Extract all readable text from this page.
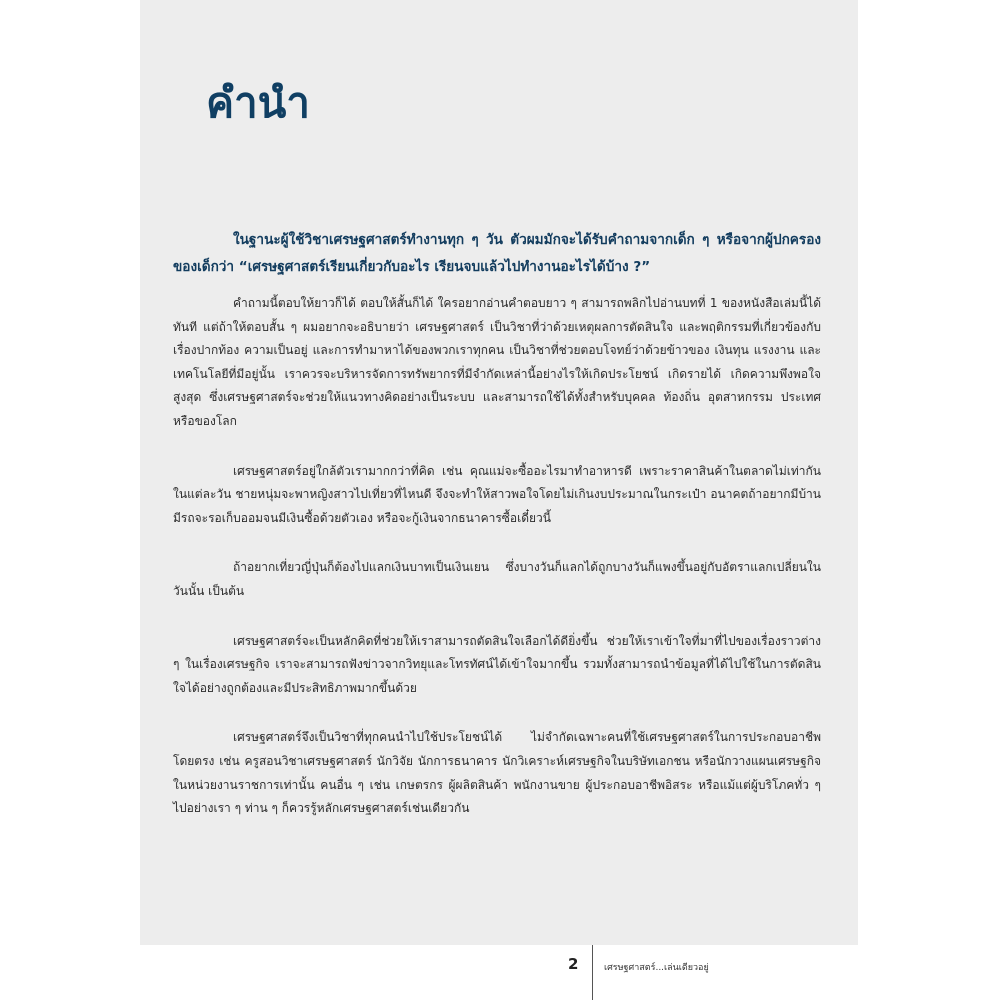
คำนำ

ในฐานะผู้ใช้วิชาเศรษฐศาสตร์ทำงานทุก ๆ วัน ตัวผมมักจะได้รับคำถามจากเด็ก ๆ หรือจากผู้ปกครองของเด็กว่า “เศรษฐศาสตร์เรียนเกี่ยวกับอะไร เรียนจบแล้วไปทำงานอะไรได้บ้าง ?”

คำถามนี้ตอบให้ยาวก็ได้ ตอบให้สั้นก็ได้ ใครอยากอ่านคำตอบยาว ๆ สามารถพลิกไปอ่านบทที่ 1 ของหนังสือเล่มนี้ได้ทันที แต่ถ้าให้ตอบสั้น ๆ ผมอยากจะอธิบายว่า เศรษฐศาสตร์ เป็นวิชาที่ว่าด้วยเหตุผลการตัดสินใจ และพฤติกรรมที่เกี่ยวข้องกับเรื่องปากท้อง ความเป็นอยู่ และการทำมาหาได้ของพวกเราทุกคน เป็นวิชาที่ช่วยตอบโจทย์ว่าด้วยข้าวของ เงินทุน แรงงาน และเทคโนโลยีที่มีอยู่นั้น เราควรจะบริหารจัดการทรัพยากรที่มีจำกัดเหล่านี้อย่างไรให้เกิดประโยชน์ เกิดรายได้ เกิดความพึงพอใจสูงสุด ซึ่งเศรษฐศาสตร์จะช่วยให้แนวทางคิดอย่างเป็นระบบ และสามารถใช้ได้ทั้งสำหรับบุคคล ท้องถิ่น อุตสาหกรรม ประเทศ หรือของโลก

เศรษฐศาสตร์อยู่ใกล้ตัวเรามากกว่าที่คิด เช่น คุณแม่จะซื้ออะไรมาทำอาหารดี เพราะราคาสินค้าในตลาดไม่เท่ากันในแต่ละวัน ชายหนุ่มจะพาหญิงสาวไปเที่ยวที่ไหนดี จึงจะทำให้สาวพอใจโดยไม่เกินงบประมาณในกระเป๋า อนาคตถ้าอยากมีบ้านมีรถจะรอเก็บออมจนมีเงินซื้อด้วยตัวเอง หรือจะกู้เงินจากธนาคารซื้อเดี๋ยวนี้

ถ้าอยากเที่ยวญี่ปุ่นก็ต้องไปแลกเงินบาทเป็นเงินเยน ซึ่งบางวันก็แลกได้ถูกบางวันก็แพงขึ้นอยู่กับอัตราแลกเปลี่ยนในวันนั้น เป็นต้น

เศรษฐศาสตร์จะเป็นหลักคิดที่ช่วยให้เราสามารถตัดสินใจเลือกได้ดียิ่งขึ้น ช่วยให้เราเข้าใจที่มาที่ไปของเรื่องราวต่าง ๆ ในเรื่องเศรษฐกิจ เราจะสามารถฟังข่าวจากวิทยุและโทรทัศน์ได้เข้าใจมากขึ้น รวมทั้งสามารถนำข้อมูลที่ได้ไปใช้ในการตัดสินใจได้อย่างถูกต้องและมีประสิทธิภาพมากขึ้นด้วย

เศรษฐศาสตร์จึงเป็นวิชาที่ทุกคนนำไปใช้ประโยชน์ได้ ไม่จำกัดเฉพาะคนที่ใช้เศรษฐศาสตร์ในการประกอบอาชีพโดยตรง เช่น ครูสอนวิชาเศรษฐศาสตร์ นักวิจัย นักการธนาคาร นักวิเคราะห์เศรษฐกิจในบริษัทเอกชน หรือนักวางแผนเศรษฐกิจในหน่วยงานราชการเท่านั้น คนอื่น ๆ เช่น เกษตรกร ผู้ผลิตสินค้า พนักงานขาย ผู้ประกอบอาชีพอิสระ หรือแม้แต่ผู้บริโภคทั่ว ๆ ไปอย่างเรา ๆ ท่าน ๆ ก็ควรรู้หลักเศรษฐศาสตร์เช่นเดียวกัน

2	เศรษฐศาสตร์...เล่นเดียวอยู่
